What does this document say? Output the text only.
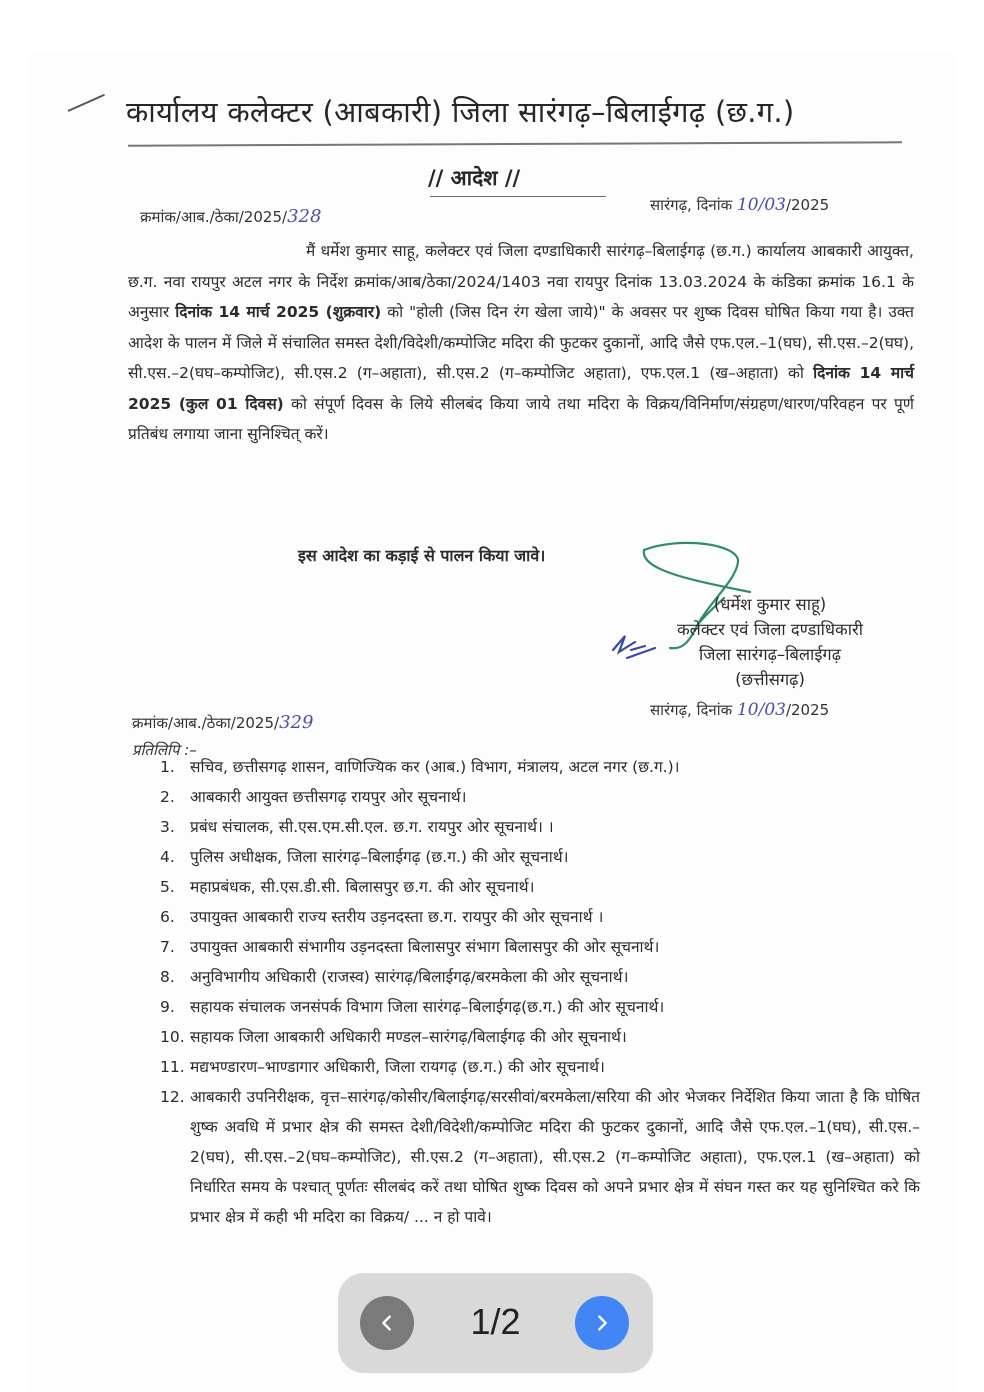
कार्यालय कलेक्टर (आबकारी) जिला सारंगढ़–बिलाईगढ़ (छ.ग.)
// आदेश //
क्रमांक/आब./ठेका/2025/328
सारंगढ़, दिनांक 10/03/2025
मैं धर्मेश कुमार साहू, कलेक्टर एवं जिला दण्डाधिकारी सारंगढ़–बिलाईगढ़ (छ.ग.) कार्यालय आबकारी आयुक्त, छ.ग. नवा रायपुर अटल नगर के निर्देश क्रमांक/आब/ठेका/2024/1403 नवा रायपुर दिनांक 13.03.2024 के कंडिका क्रमांक 16.1 के अनुसार दिनांक 14 मार्च 2025 (शुक्रवार) को "होली (जिस दिन रंग खेला जाये)" के अवसर पर शुष्क दिवस घोषित किया गया है। उक्त आदेश के पालन में जिले में संचालित समस्त देशी/विदेशी/कम्पोजिट मदिरा की फुटकर दुकानों, आदि जैसे एफ.एल.–1(घघ), सी.एस.–2(घघ), सी.एस.–2(घघ–कम्पोजिट), सी.एस.2 (ग–अहाता), सी.एस.2 (ग–कम्पोजिट अहाता), एफ.एल.1 (ख–अहाता) को दिनांक 14 मार्च 2025 (कुल 01 दिवस) को संपूर्ण दिवस के लिये सीलबंद किया जाये तथा मदिरा के विक्रय/विनिर्माण/संग्रहण/धारण/परिवहन पर पूर्ण प्रतिबंध लगाया जाना सुनिश्चित् करें।
इस आदेश का कड़ाई से पालन किया जावे।
(धर्मेश कुमार साहू)
कलेक्टर एवं जिला दण्डाधिकारी
जिला सारंगढ़–बिलाईगढ़
(छत्तीसगढ़)
क्रमांक/आब./ठेका/2025/329
सारंगढ़, दिनांक 10/03/2025
प्रतिलिपि :–
1. सचिव, छत्तीसगढ़ शासन, वाणिज्यिक कर (आब.) विभाग, मंत्रालय, अटल नगर (छ.ग.)।
2. आबकारी आयुक्त छत्तीसगढ़ रायपुर ओर सूचनार्थ।
3. प्रबंध संचालक, सी.एस.एम.सी.एल. छ.ग. रायपुर ओर सूचनार्थ। ।
4. पुलिस अधीक्षक, जिला सारंगढ़–बिलाईगढ़ (छ.ग.) की ओर सूचनार्थ।
5. महाप्रबंधक, सी.एस.डी.सी. बिलासपुर छ.ग. की ओर सूचनार्थ।
6. उपायुक्त आबकारी राज्य स्तरीय उड़नदस्ता छ.ग. रायपुर की ओर सूचनार्थ ।
7. उपायुक्त आबकारी संभागीय उड़नदस्ता बिलासपुर संभाग बिलासपुर की ओर सूचनार्थ।
8. अनुविभागीय अधिकारी (राजस्व) सारंगढ़/बिलाईगढ़/बरमकेला की ओर सूचनार्थ।
9. सहायक संचालक जनसंपर्क विभाग जिला सारंगढ़–बिलाईगढ़(छ.ग.) की ओर सूचनार्थ।
10. सहायक जिला आबकारी अधिकारी मण्डल–सारंगढ़/बिलाईगढ़ की ओर सूचनार्थ।
11. मद्यभण्डारण–भाण्डागार अधिकारी, जिला रायगढ़ (छ.ग.) की ओर सूचनार्थ।
12. आबकारी उपनिरीक्षक, वृत्त–सारंगढ़/कोसीर/बिलाईगढ़/सरसीवां/बरमकेला/सरिया की ओर भेजकर निर्देशित किया जाता है कि घोषित शुष्क अवधि में प्रभार क्षेत्र की समस्त देशी/विदेशी/कम्पोजिट मदिरा की फुटकर दुकानों, आदि जैसे एफ.एल.–1(घघ), सी.एस.–2(घघ), सी.एस.–2(घघ–कम्पोजिट), सी.एस.2 (ग–अहाता), सी.एस.2 (ग–कम्पोजिट अहाता), एफ.एल.1 (ख–अहाता) को निर्धारित समय के पश्चात् पूर्णतः सीलबंद करें तथा घोषित शुष्क दिवस को अपने प्रभार क्षेत्र में संघन गस्त कर यह सुनिश्चित करे कि प्रभार क्षेत्र में कही भी मदिरा का विक्रय/ ... न हो पावे।
1/2
